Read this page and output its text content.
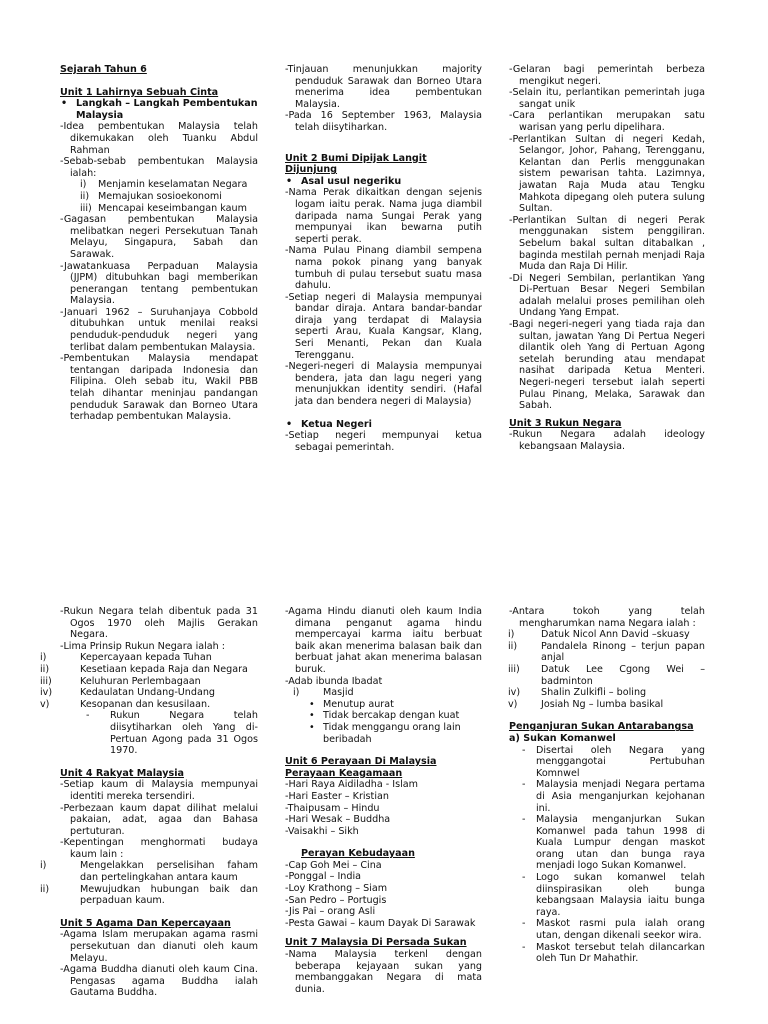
Sejarah Tahun 6
Unit 1 Lahirnya Sebuah Cinta
• Langkah – Langkah Pembentukan Malaysia
-Idea pembentukan Malaysia telah dikemukakan oleh Tuanku Abdul Rahman
-Sebab-sebab pembentukan Malaysia ialah:
i) Menjamin keselamatan Negara
ii) Memajukan sosioekonomi
iii) Mencapai keseimbangan kaum
-Gagasan pembentukan Malaysia melibatkan negeri Persekutuan Tanah Melayu, Singapura, Sabah dan Sarawak.
-Jawatankuasa Perpaduan Malaysia (JJPM) ditubuhkan bagi memberikan penerangan tentang pembentukan Malaysia.
-Januari 1962 – Suruhanjaya Cobbold ditubuhkan untuk menilai reaksi penduduk-penduduk negeri yang terlibat dalam pembentukan Malaysia.
-Pembentukan Malaysia mendapat tentangan daripada Indonesia dan Filipina. Oleh sebab itu, Wakil PBB telah dihantar meninjau pandangan penduduk Sarawak dan Borneo Utara terhadap pembentukan Malaysia.
-Tinjauan menunjukkan majority penduduk Sarawak dan Borneo Utara menerima idea pembentukan Malaysia.
-Pada 16 September 1963, Malaysia telah diisytiharkan.
Unit 2 Bumi Dipijak Langit Dijunjung
• Asal usul negeriku
-Nama Perak dikaitkan dengan sejenis logam iaitu perak. Nama juga diambil daripada nama Sungai Perak yang mempunyai ikan bewarna putih seperti perak.
-Nama Pulau Pinang diambil sempena nama pokok pinang yang banyak tumbuh di pulau tersebut suatu masa dahulu.
-Setiap negeri di Malaysia mempunyai bandar diraja. Antara bandar-bandar diraja yang terdapat di Malaysia seperti Arau, Kuala Kangsar, Klang, Seri Menanti, Pekan dan Kuala Terengganu.
-Negeri-negeri di Malaysia mempunyai bendera, jata dan lagu negeri yang menunjukkan identity sendiri. (Hafal jata dan bendera negeri di Malaysia)
• Ketua Negeri
-Setiap negeri mempunyai ketua sebagai pemerintah.
-Gelaran bagi pemerintah berbeza mengikut negeri.
-Selain itu, perlantikan pemerintah juga sangat unik
-Cara perlantikan merupakan satu warisan yang perlu dipelihara.
-Perlantikan Sultan di negeri Kedah, Selangor, Johor, Pahang, Terengganu, Kelantan dan Perlis menggunakan sistem pewarisan tahta. Lazimnya, jawatan Raja Muda atau Tengku Mahkota dipegang oleh putera sulung Sultan.
-Perlantikan Sultan di negeri Perak menggunakan sistem penggiliran. Sebelum bakal sultan ditabalkan , baginda mestilah pernah menjadi Raja Muda dan Raja Di Hilir.
-Di Negeri Sembilan, perlantikan Yang Di-Pertuan Besar Negeri Sembilan adalah melalui proses pemilihan oleh Undang Yang Empat.
-Bagi negeri-negeri yang tiada raja dan sultan, jawatan Yang Di Pertua Negeri dilantik oleh Yang di Pertuan Agong setelah berunding atau mendapat nasihat daripada Ketua Menteri. Negeri-negeri tersebut ialah seperti Pulau Pinang, Melaka, Sarawak dan Sabah.
Unit 3 Rukun Negara
-Rukun Negara adalah ideology kebangsaan Malaysia.
-Rukun Negara telah dibentuk pada 31 Ogos 1970 oleh Majlis Gerakan Negara.
-Lima Prinsip Rukun Negara ialah :
i)	Kepercayaan kepada Tuhan
ii)	Kesetiaan kepada Raja dan Negara
iii)	Keluhuran Perlembagaan
iv)	Kedaulatan Undang-Undang
v)	Kesopanan dan kesusilaan.
- Rukun Negara telah diisytiharkan oleh Yang di-Pertuan Agong pada 31 Ogos 1970.
Unit 4 Rakyat Malaysia
-Setiap kaum di Malaysia mempunyai identiti mereka tersendiri.
-Perbezaan kaum dapat dilihat melalui pakaian, adat, agaa dan Bahasa pertuturan.
-Kepentingan menghormati budaya kaum lain :
i)	Mengelakkan perselisihan faham dan pertelingkahan antara kaum
ii)	Mewujudkan hubungan baik dan perpaduan kaum.
Unit 5 Agama Dan Kepercayaan
-Agama Islam merupakan agama rasmi persekutuan dan dianuti oleh kaum Melayu.
-Agama Buddha dianuti oleh kaum Cina. Pengasas agama Buddha ialah Gautama Buddha.
-Agama Hindu dianuti oleh kaum India dimana penganut agama hindu mempercayai karma iaitu berbuat baik akan menerima balasan baik dan berbuat jahat akan menerima balasan buruk.
-Adab ibunda Ibadat
i) Masjid
• Menutup aurat
• Tidak bercakap dengan kuat
• Tidak menggangu orang lain beribadah
Unit 6 Perayaan Di Malaysia
Perayaan Keagamaan
-Hari Raya Aidiladha - Islam
-Hari Easter – Kristian
-Thaipusam – Hindu
-Hari Wesak – Buddha
-Vaisakhi – Sikh
Perayan Kebudayaan
-Cap Goh Mei – Cina
-Ponggal – India
-Loy Krathong – Siam
-San Pedro – Portugis
-Jis Pai – orang Asli
-Pesta Gawai – kaum Dayak Di Sarawak
Unit 7 Malaysia Di Persada Sukan
-Nama Malaysia terkenl dengan beberapa kejayaan sukan yang membanggakan Negara di mata dunia.
-Antara tokoh yang telah mengharumkan nama Negara ialah :
i)	Datuk Nicol Ann David –skuasy
ii) Pandalela Rinong – terjun papan anjal
iii) Datuk Lee Cgong Wei – badminton
iv) Shalin Zulkifli – boling
v) Josiah Ng – lumba basikal
Penganjuran Sukan Antarabangsa
a) Sukan Komanwel
- Disertai oleh Negara yang menggangotai Pertubuhan Komnwel
- Malaysia menjadi Negara pertama di Asia menganjurkan kejohanan ini.
- Malaysia menganjurkan Sukan Komanwel pada tahun 1998 di Kuala Lumpur dengan maskot orang utan dan bunga raya menjadi logo Sukan Komanwel.
- Logo sukan komanwel telah diinspirasikan oleh bunga kebangsaan Malaysia iaitu bunga raya.
- Maskot rasmi pula ialah orang utan, dengan dikenali seekor wira.
- Maskot tersebut telah dilancarkan oleh Tun Dr Mahathir.
